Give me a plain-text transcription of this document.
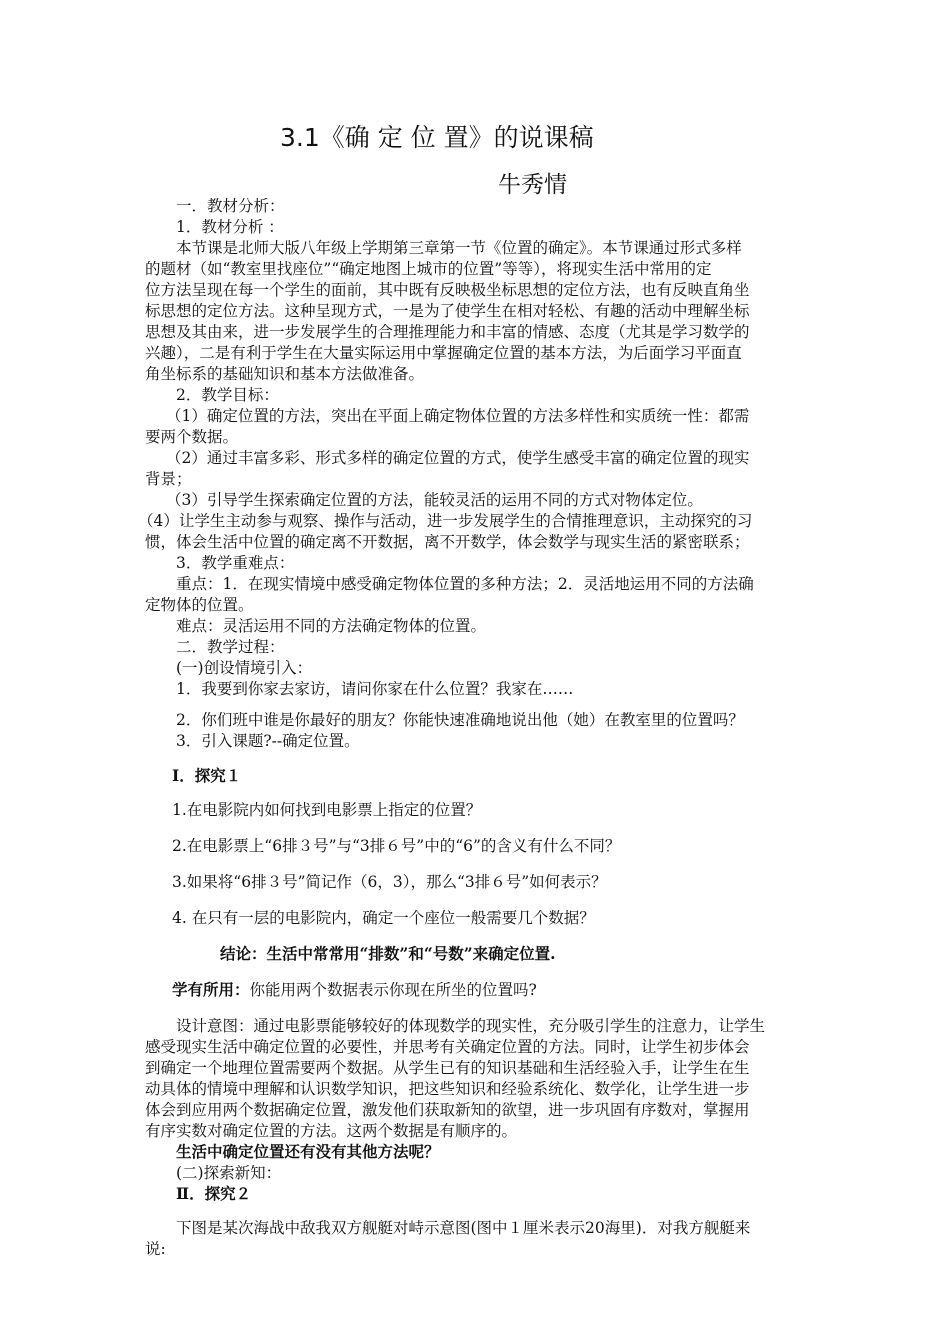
3.1《确 定 位 置》的说课稿
牛秀情
一．教材分析：
1．教材分析 ：
本节课是北师大版八年级上学期第三章第一节《位置的确定》。本节课通过形式多样
的题材（如“教室里找座位”“确定地图上城市的位置”等等），将现实生活中常用的定
位方法呈现在每一个学生的面前，其中既有反映极坐标思想的定位方法，也有反映直角坐
标思想的定位方法。这种呈现方式，一是为了使学生在相对轻松、有趣的活动中理解坐标
思想及其由来，进一步发展学生的合理推理能力和丰富的情感、态度（尤其是学习数学的
兴趣），二是有利于学生在大量实际运用中掌握确定位置的基本方法，为后面学习平面直
角坐标系的基础知识和基本方法做准备。
2．教学目标：
（1）确定位置的方法，突出在平面上确定物体位置的方法多样性和实质统一性：都需
要两个数据。
（2）通过丰富多彩、形式多样的确定位置的方式，使学生感受丰富的确定位置的现实
背景；
（3）引导学生探索确定位置的方法，能较灵活的运用不同的方式对物体定位。
（4）让学生主动参与观察、操作与活动，进一步发展学生的合情推理意识，主动探究的习
惯，体会生活中位置的确定离不开数据，离不开数学，体会数学与现实生活的紧密联系；
3．教学重难点：
重点：1．在现实情境中感受确定物体位置的多种方法；2．灵活地运用不同的方法确
定物体的位置。
难点：灵活运用不同的方法确定物体的位置。
二．教学过程：
(一)创设情境引入：
1．我要到你家去家访，请问你家在什么位置？我家在……
2．你们班中谁是你最好的朋友？你能快速准确地说出他（她）在教室里的位置吗？
3．引入课题?--确定位置。
Ⅰ．探究１
1.在电影院内如何找到电影票上指定的位置？
2.在电影票上“6排３号”与“3排６号”中的“6”的含义有什么不同？
3.如果将“6排３号”简记作（6，3），那么“3排６号”如何表示？
4. 在只有一层的电影院内，确定一个座位一般需要几个数据？
结论：生活中常常用“排数”和“号数”来确定位置.
学有所用：你能用两个数据表示你现在所坐的位置吗?
设计意图：通过电影票能够较好的体现数学的现实性，充分吸引学生的注意力，让学生
感受现实生活中确定位置的必要性，并思考有关确定位置的方法。同时，让学生初步体会
到确定一个地理位置需要两个数据。从学生已有的知识基础和生活经验入手，让学生在生
动具体的情境中理解和认识数学知识，把这些知识和经验系统化、数学化，让学生进一步
体会到应用两个数据确定位置，激发他们获取新知的欲望，进一步巩固有序数对，掌握用
有序实数对确定位置的方法。这两个数据是有顺序的。
生活中确定位置还有没有其他方法呢？
(二)探索新知：
Ⅱ．探究２
下图是某次海战中敌我双方舰艇对峙示意图(图中１厘米表示20海里)．对我方舰艇来
说:
